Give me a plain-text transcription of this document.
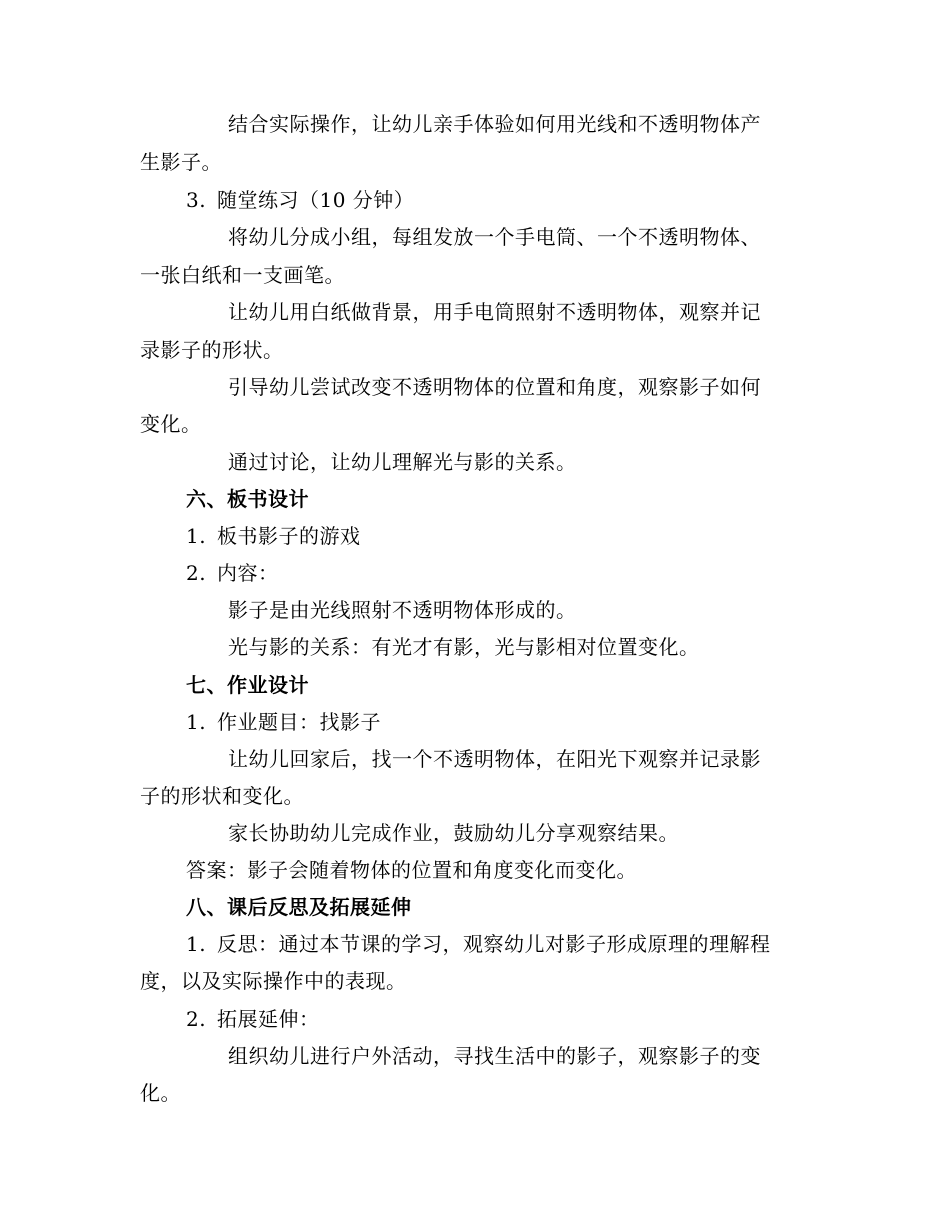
结合实际操作，让幼儿亲手体验如何用光线和不透明物体产
生影子。
3. 随堂练习（10 分钟）
将幼儿分成小组，每组发放一个手电筒、一个不透明物体、
一张白纸和一支画笔。
让幼儿用白纸做背景，用手电筒照射不透明物体，观察并记
录影子的形状。
引导幼儿尝试改变不透明物体的位置和角度，观察影子如何
变化。
通过讨论，让幼儿理解光与影的关系。
六、板书设计
1. 板书影子的游戏
2. 内容：
影子是由光线照射不透明物体形成的。
光与影的关系：有光才有影，光与影相对位置变化。
七、作业设计
1. 作业题目：找影子
让幼儿回家后，找一个不透明物体，在阳光下观察并记录影
子的形状和变化。
家长协助幼儿完成作业，鼓励幼儿分享观察结果。
答案：影子会随着物体的位置和角度变化而变化。
八、课后反思及拓展延伸
1. 反思：通过本节课的学习，观察幼儿对影子形成原理的理解程
度，以及实际操作中的表现。
2. 拓展延伸：
组织幼儿进行户外活动，寻找生活中的影子，观察影子的变
化。
